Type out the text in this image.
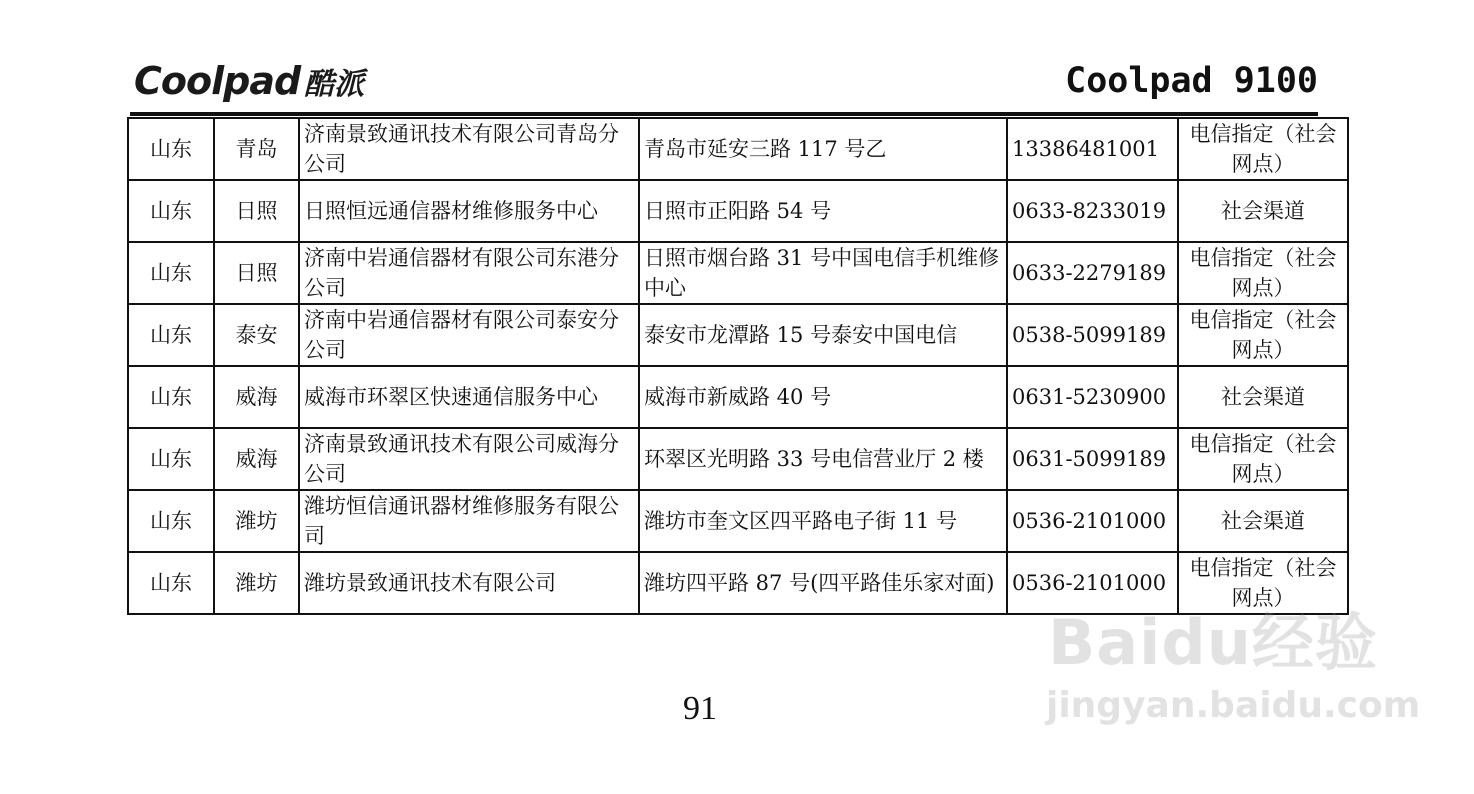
Coolpad 酷派	Coolpad 9100
山东	青岛	济南景致通讯技术有限公司青岛分公司	青岛市延安三路 117 号乙	13386481001	电信指定（社会网点）
山东	日照	日照恒远通信器材维修服务中心	日照市正阳路 54 号	0633-8233019	社会渠道
山东	日照	济南中岩通信器材有限公司东港分公司	日照市烟台路 31 号中国电信手机维修中心	0633-2279189	电信指定（社会网点）
山东	泰安	济南中岩通信器材有限公司泰安分公司	泰安市龙潭路 15 号泰安中国电信	0538-5099189	电信指定（社会网点）
山东	威海	威海市环翠区快速通信服务中心	威海市新威路 40 号	0631-5230900	社会渠道
山东	威海	济南景致通讯技术有限公司威海分公司	环翠区光明路 33 号电信营业厅 2 楼	0631-5099189	电信指定（社会网点）
山东	潍坊	潍坊恒信通讯器材维修服务有限公司	潍坊市奎文区四平路电子街 11 号	0536-2101000	社会渠道
山东	潍坊	潍坊景致通讯技术有限公司	潍坊四平路 87 号(四平路佳乐家对面)	0536-2101000	电信指定（社会网点）
91
Baidu经验
jingyan.baidu.com
